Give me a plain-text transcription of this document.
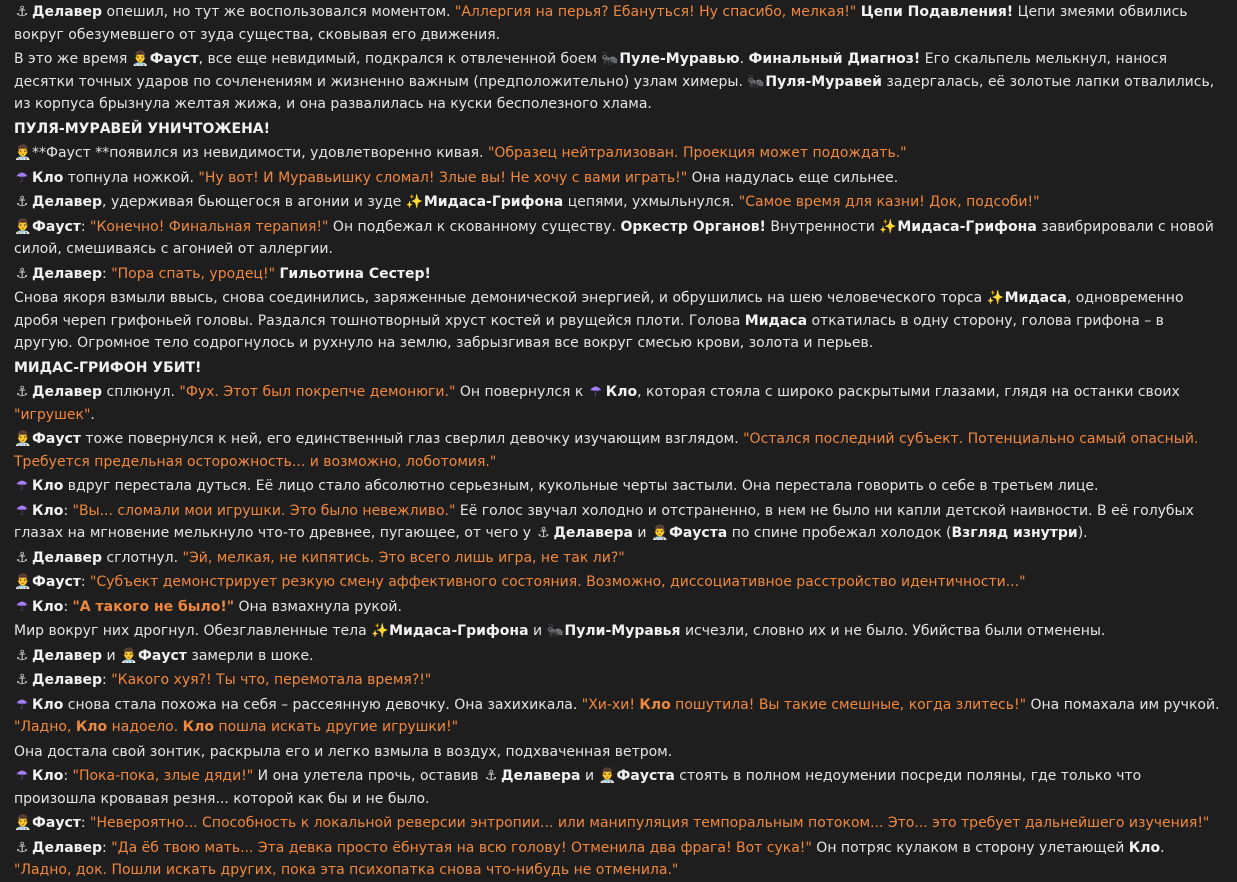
⚓ Делавер опешил, но тут же воспользовался моментом. "Аллергия на перья? Ебануться! Ну спасибо, мелкая!" Цепи Подавления! Цепи змеями обвились вокруг обезумевшего от зуда существа, сковывая его движения.
В это же время 👨‍⚕Фауст, все еще невидимый, подкрался к отвлеченной боем 🐜Пуле-Муравью. Финальный Диагноз! Его скальпель мелькнул, нанося десятки точных ударов по сочленениям и жизненно важным (предположительно) узлам химеры. 🐜Пуля-Муравей задергалась, её золотые лапки отвалились, из корпуса брызнула желтая жижа, и она развалилась на куски бесполезного хлама.
ПУЛЯ-МУРАВЕЙ УНИЧТОЖЕНА!
👨‍⚕**Фауст **появился из невидимости, удовлетворенно кивая. "Образец нейтрализован. Проекция может подождать."
☂ Кло топнула ножкой. "Ну вот! И Муравьишку сломал! Злые вы! Не хочу с вами играть!" Она надулась еще сильнее.
⚓ Делавер, удерживая бьющегося в агонии и зуде ✨Мидаса-Грифона цепями, ухмыльнулся. "Самое время для казни! Док, подсоби!"
👨‍⚕Фауст: "Конечно! Финальная терапия!" Он подбежал к скованному существу. Оркестр Органов! Внутренности ✨Мидаса-Грифона завибрировали с новой силой, смешиваясь с агонией от аллергии.
⚓ Делавер: "Пора спать, уродец!" Гильотина Сестер!
Снова якоря взмыли ввысь, снова соединились, заряженные демонической энергией, и обрушились на шею человеческого торса ✨Мидаса, одновременно дробя череп грифоньей головы. Раздался тошнотворный хруст костей и рвущейся плоти. Голова Мидаса откатилась в одну сторону, голова грифона – в другую. Огромное тело содрогнулось и рухнуло на землю, забрызгивая все вокруг смесью крови, золота и перьев.
МИДАС-ГРИФОН УБИТ!
⚓ Делавер сплюнул. "Фух. Этот был покрепче демонюги." Он повернулся к ☂ Кло, которая стояла с широко раскрытыми глазами, глядя на останки своих "игрушек".
👨‍⚕Фауст тоже повернулся к ней, его единственный глаз сверлил девочку изучающим взглядом. "Остался последний субъект. Потенциально самый опасный. Требуется предельная осторожность... и возможно, лоботомия."
☂ Кло вдруг перестала дуться. Её лицо стало абсолютно серьезным, кукольные черты застыли. Она перестала говорить о себе в третьем лице.
☂ Кло: "Вы... сломали мои игрушки. Это было невежливо." Её голос звучал холодно и отстраненно, в нем не было ни капли детской наивности. В её голубых глазах на мгновение мелькнуло что-то древнее, пугающее, от чего у ⚓ Делавера и 👨‍⚕Фауста по спине пробежал холодок (Взгляд изнутри).
⚓ Делавер сглотнул. "Эй, мелкая, не кипятись. Это всего лишь игра, не так ли?"
👨‍⚕Фауст: "Субъект демонстрирует резкую смену аффективного состояния. Возможно, диссоциативное расстройство идентичности..."
☂ Кло: "А такого не было!" Она взмахнула рукой.
Мир вокруг них дрогнул. Обезглавленные тела ✨Мидаса-Грифона и 🐜Пули-Муравья исчезли, словно их и не было. Убийства были отменены.
⚓ Делавер и 👨‍⚕Фауст замерли в шоке.
⚓ Делавер: "Какого хуя?! Ты что, перемотала время?!"
☂ Кло снова стала похожа на себя – рассеянную девочку. Она захихикала. "Хи-хи! Кло пошутила! Вы такие смешные, когда злитесь!" Она помахала им ручкой. "Ладно, Кло надоело. Кло пошла искать другие игрушки!"
Она достала свой зонтик, раскрыла его и легко взмыла в воздух, подхваченная ветром.
☂ Кло: "Пока-пока, злые дяди!" И она улетела прочь, оставив ⚓ Делавера и 👨‍⚕Фауста стоять в полном недоумении посреди поляны, где только что произошла кровавая резня... которой как бы и не было.
👨‍⚕Фауст: "Невероятно... Способность к локальной реверсии энтропии... или манипуляция темпоральным потоком... Это... это требует дальнейшего изучения!"
⚓ Делавер: "Да ёб твою мать... Эта девка просто ёбнутая на всю голову! Отменила два фрага! Вот сука!" Он потряс кулаком в сторону улетающей Кло. "Ладно, док. Пошли искать других, пока эта психопатка снова что-нибудь не отменила."
